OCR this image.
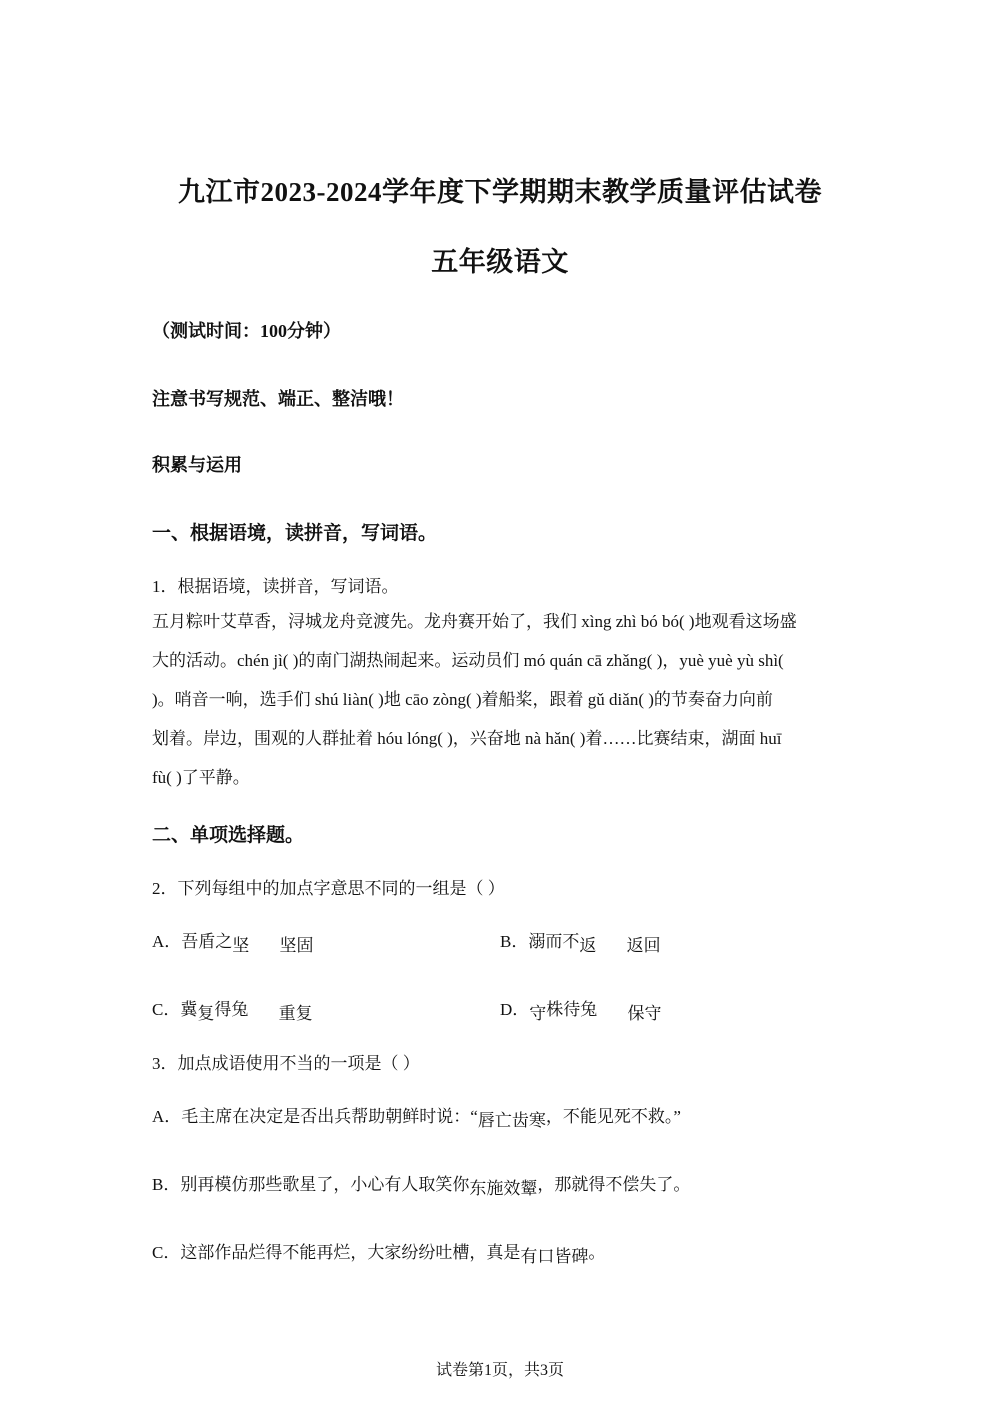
九江市2023-2024学年度下学期期末教学质量评估试卷
五年级语文
（测试时间：100分钟）
注意书写规范、端正、整洁哦！
积累与运用
一、根据语境，读拼音，写词语。
1．根据语境，读拼音，写词语。
五月粽叶艾草香，浔城龙舟竞渡先。龙舟赛开始了，我们 xìng zhì bó bó( )地观看这场盛
大的活动。chén jì( )的南门湖热闹起来。运动员们 mó quán cā zhǎng( )，yuè yuè yù shì(
)。哨音一响，选手们 shú liàn( )地 cāo zòng( )着船桨，跟着 gǔ diǎn( )的节奏奋力向前
划着。岸边，围观的人群扯着 hóu lóng( )，兴奋地 nà hǎn( )着……比赛结束，湖面 huī
fù( )了平静。
二、单项选择题。
2．下列每组中的加点字意思不同的一组是（ ）
A．吾盾之坚 坚固	B．溺而不返 返回
C．冀复得兔 重复	D．守株待兔 保守
3．加点成语使用不当的一项是（ ）
A．毛主席在决定是否出兵帮助朝鲜时说：“唇亡齿寒，不能见死不救。”
B．别再模仿那些歌星了，小心有人取笑你东施效颦，那就得不偿失了。
C．这部作品烂得不能再烂，大家纷纷吐槽，真是有口皆碑。
试卷第1页，共3页
